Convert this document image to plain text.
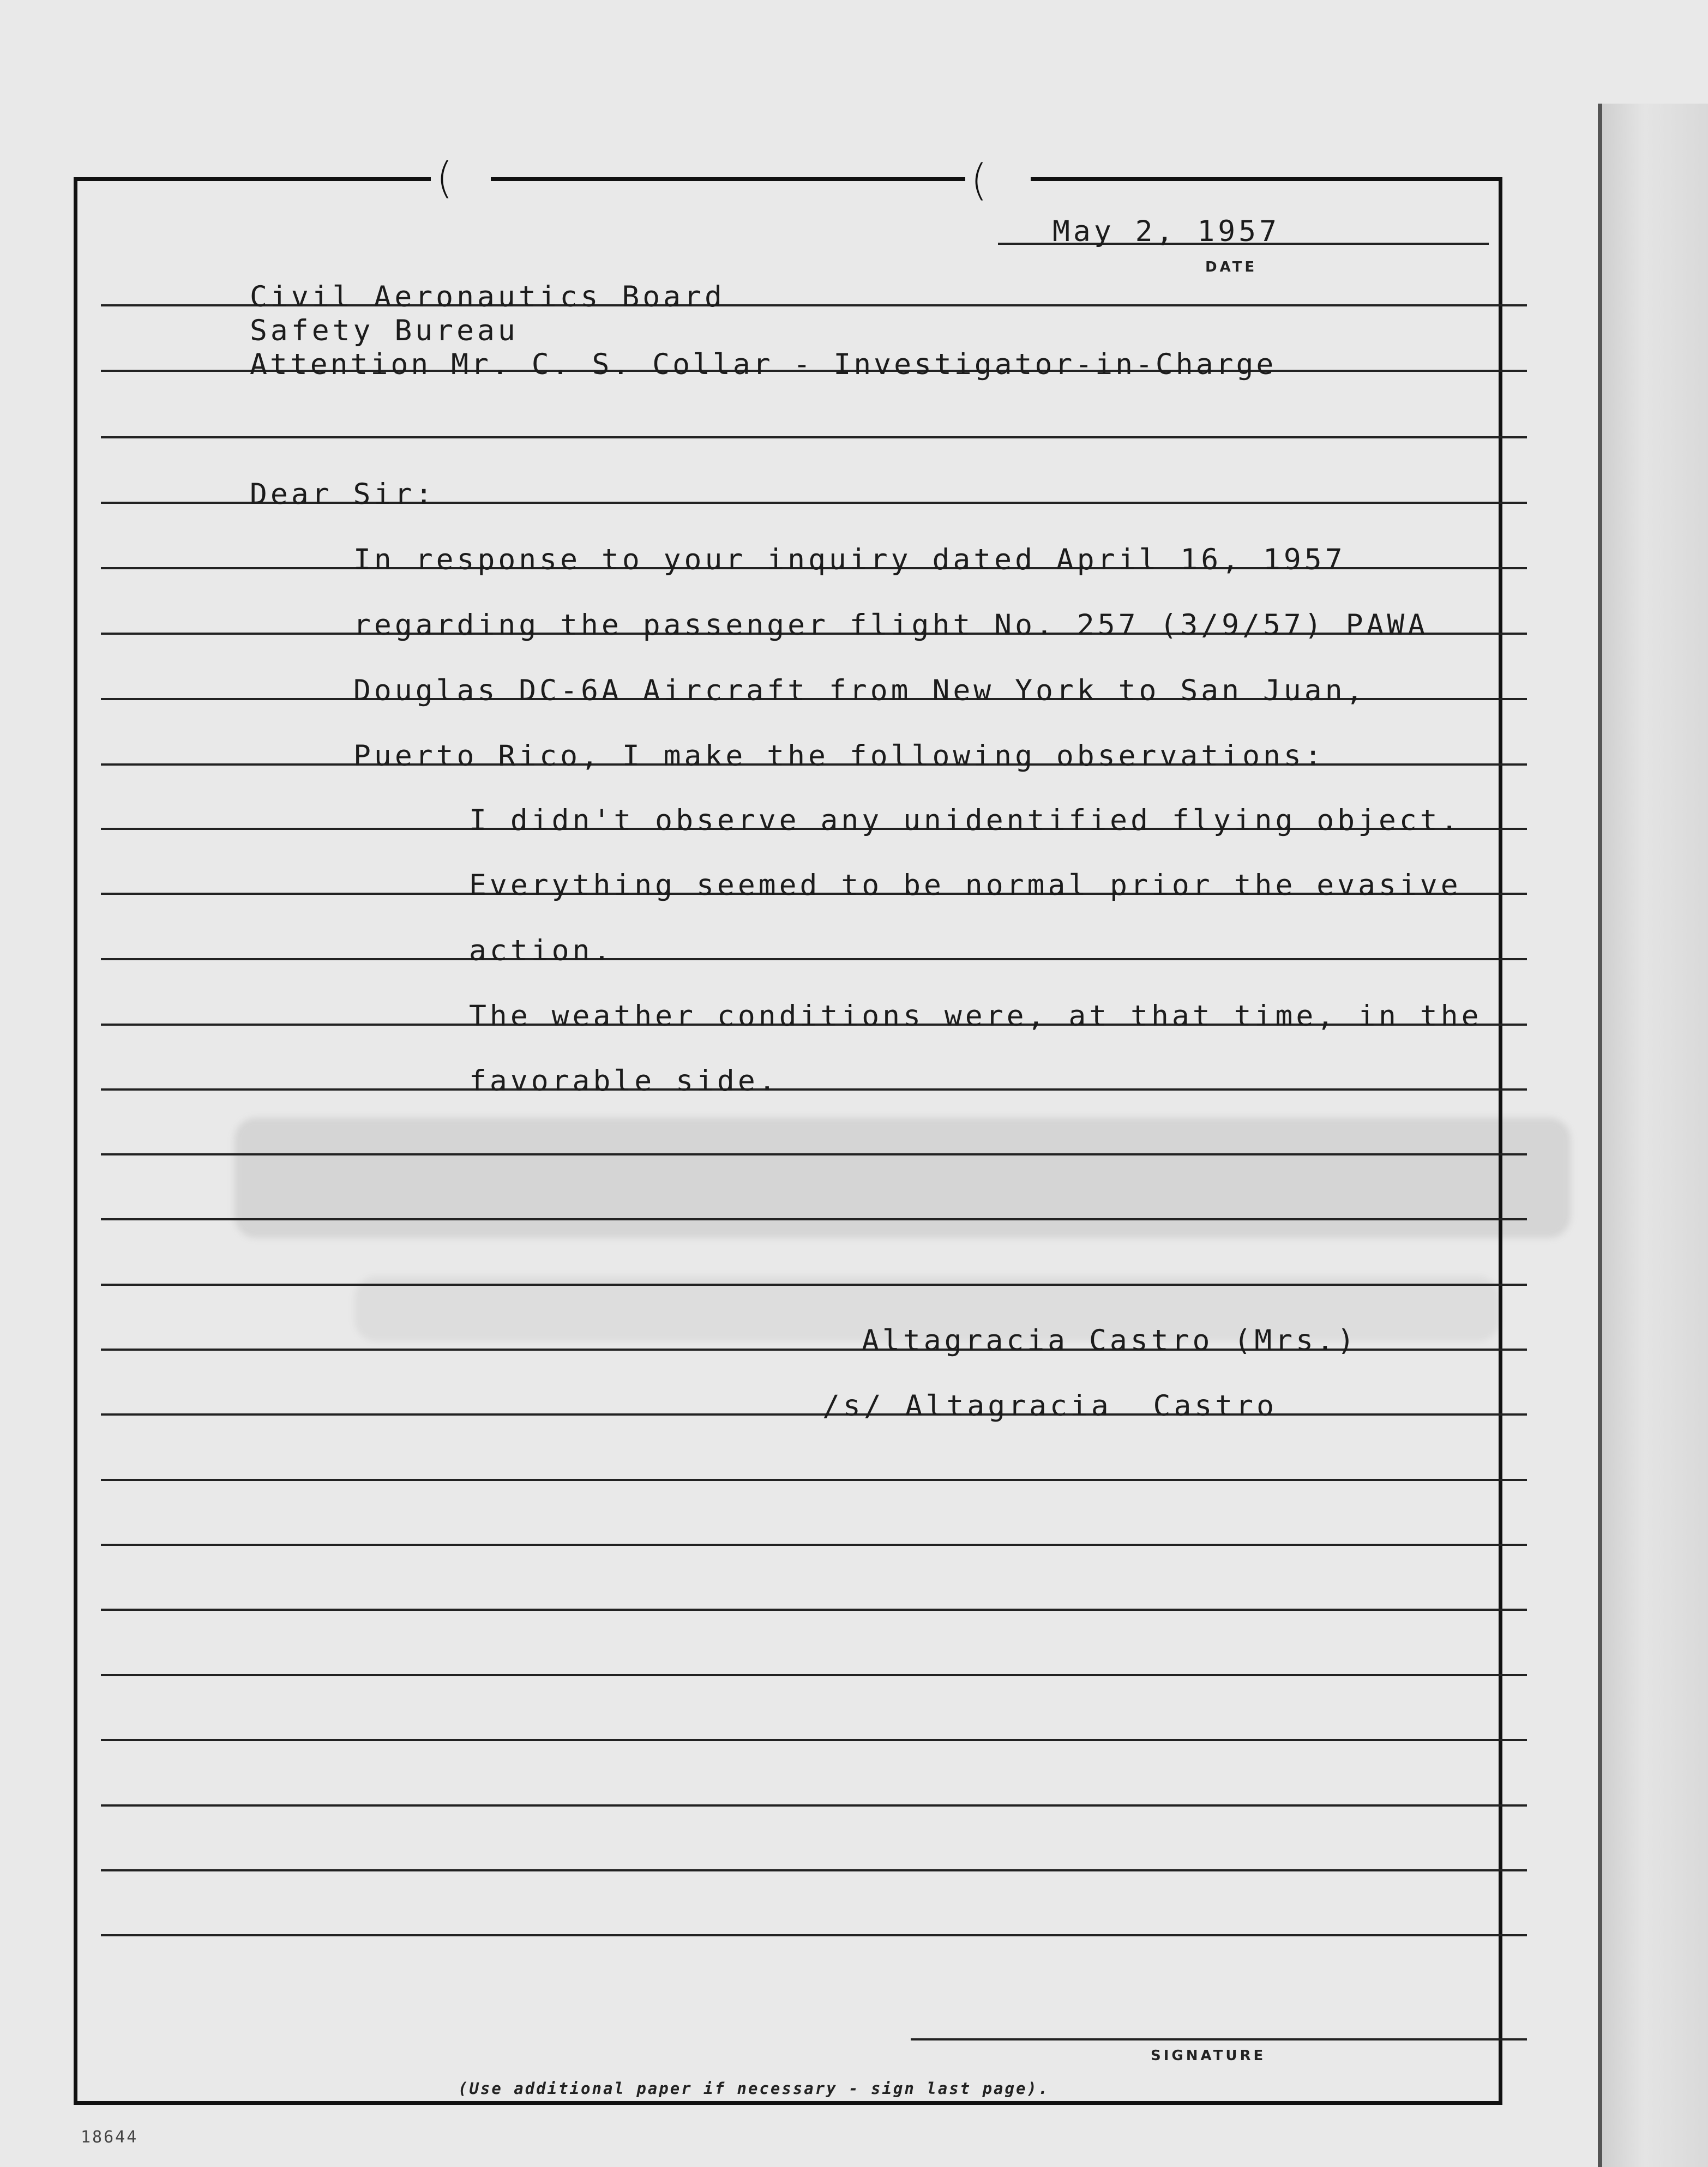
(	(
May 2, 1957
DATE
Civil Aeronautics Board
Safety Bureau
Attention Mr. C. S. Collar - Investigator-in-Charge
Dear Sir:
In response to your inquiry dated April 16, 1957
regarding the passenger flight No. 257 (3/9/57) PAWA
Douglas DC-6A Aircraft from New York to San Juan,
Puerto Rico, I make the following observations:
I didn't observe any unidentified flying object.
Everything seemed to be normal prior the evasive
action.
The weather conditions were, at that time, in the
favorable side.
Altagracia Castro (Mrs.)
/s/ Altagracia  Castro
SIGNATURE
(Use additional paper if necessary - sign last page).
18644
